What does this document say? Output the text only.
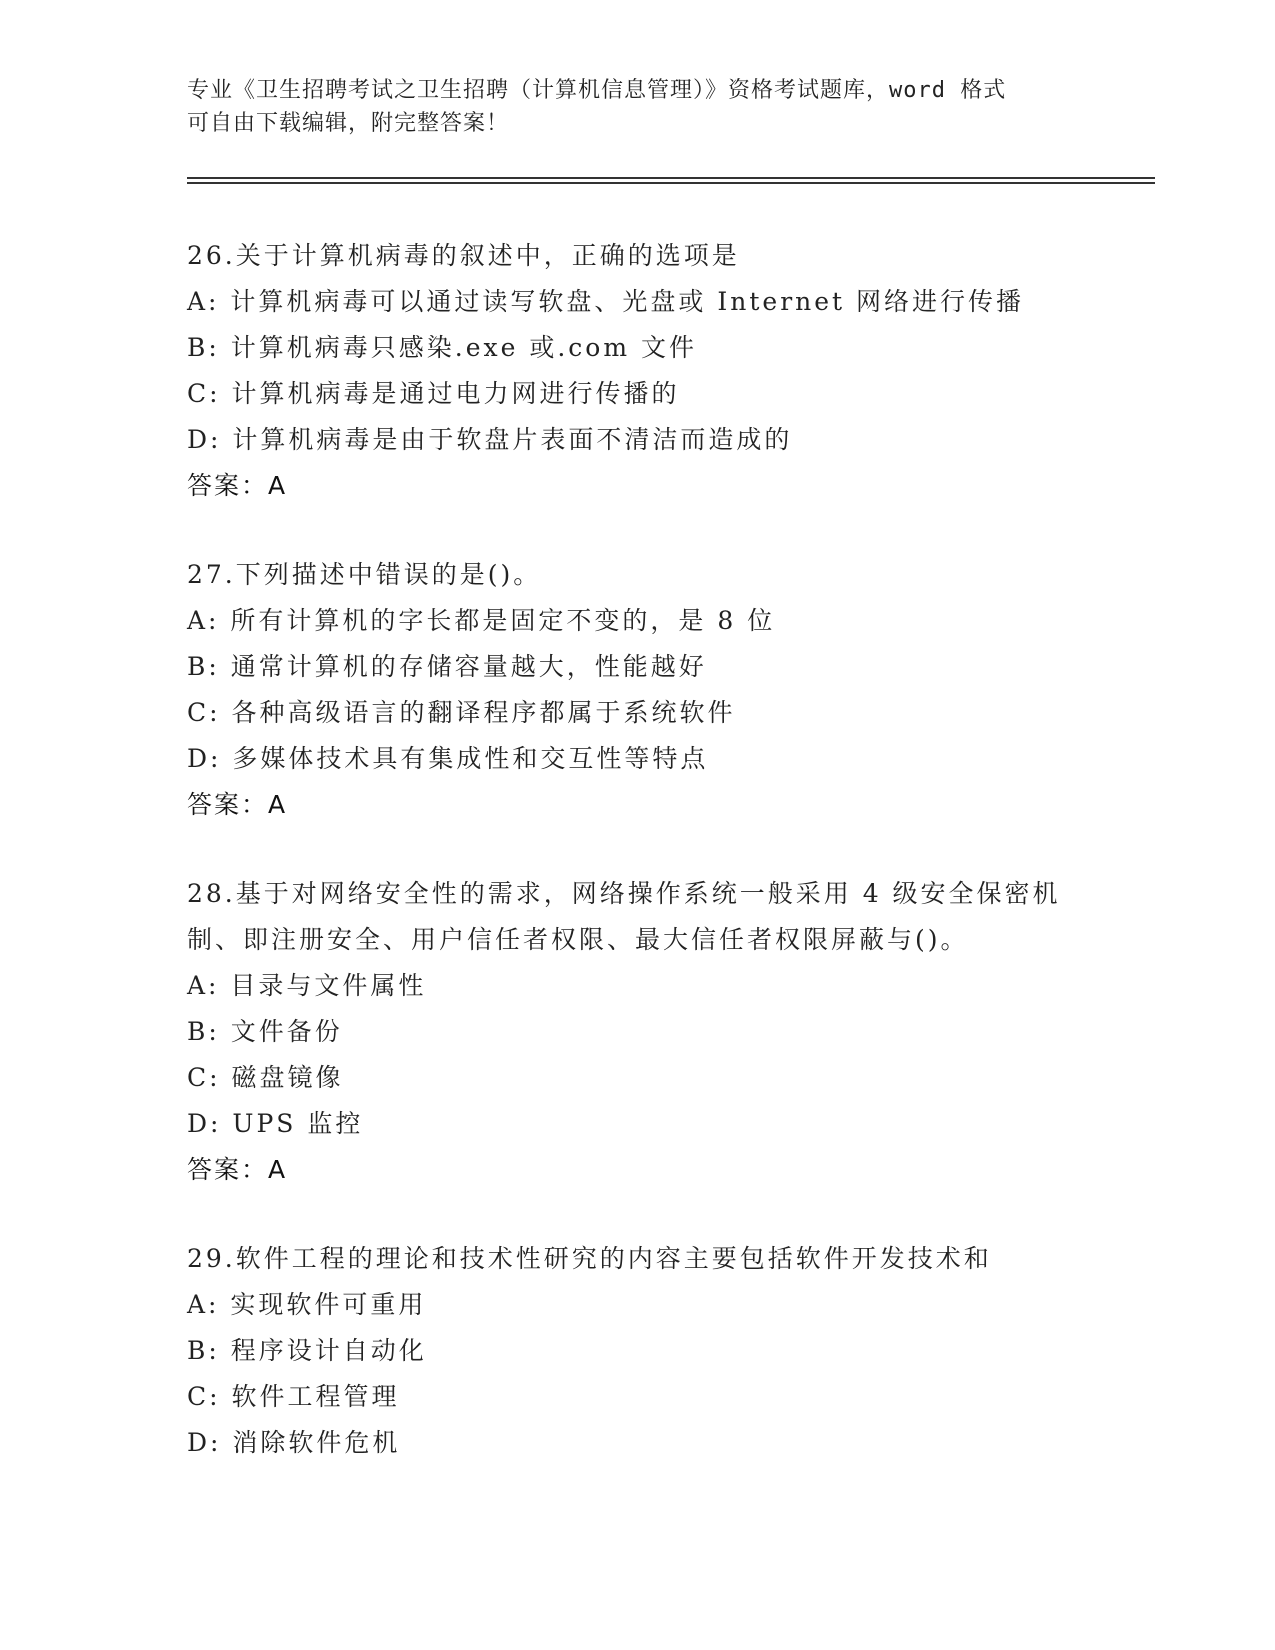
专业《卫生招聘考试之卫生招聘（计算机信息管理）》资格考试题库，word 格式
可自由下载编辑，附完整答案！
26.关于计算机病毒的叙述中，正确的选项是
A: 计算机病毒可以通过读写软盘、光盘或 Internet 网络进行传播
B: 计算机病毒只感染.exe 或.com 文件
C: 计算机病毒是通过电力网进行传播的
D: 计算机病毒是由于软盘片表面不清洁而造成的
答案：A
27.下列描述中错误的是()。
A: 所有计算机的字长都是固定不变的，是 8 位
B: 通常计算机的存储容量越大，性能越好
C: 各种高级语言的翻译程序都属于系统软件
D: 多媒体技术具有集成性和交互性等特点
答案：A
28.基于对网络安全性的需求，网络操作系统一般采用 4 级安全保密机
制、即注册安全、用户信任者权限、最大信任者权限屏蔽与()。
A: 目录与文件属性
B: 文件备份
C: 磁盘镜像
D: UPS 监控
答案：A
29.软件工程的理论和技术性研究的内容主要包括软件开发技术和
A: 实现软件可重用
B: 程序设计自动化
C: 软件工程管理
D: 消除软件危机
